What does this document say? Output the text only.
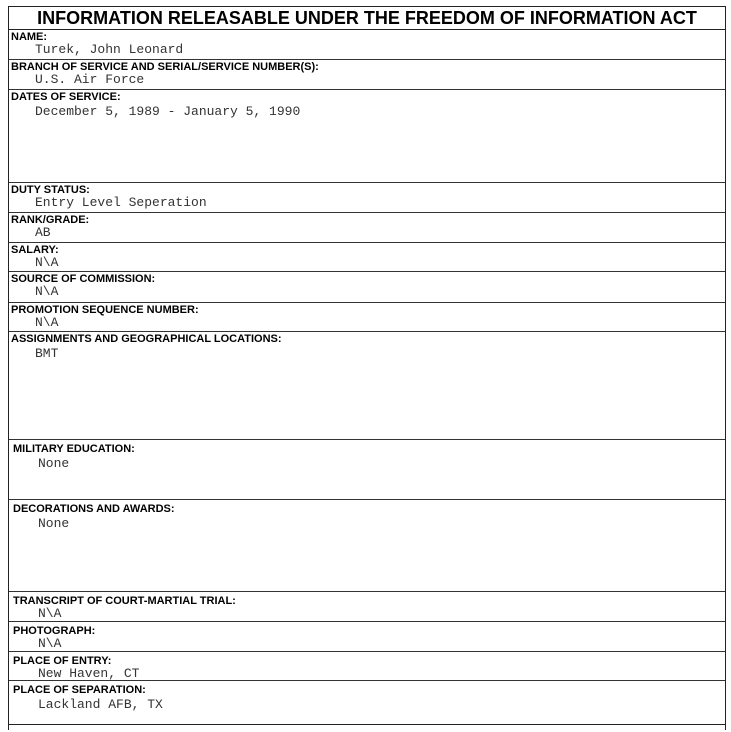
INFORMATION RELEASABLE UNDER THE FREEDOM OF INFORMATION ACT
NAME:
Turek, John Leonard
BRANCH OF SERVICE AND SERIAL/SERVICE NUMBER(S):
U.S. Air Force
DATES OF SERVICE:
December 5, 1989 - January 5, 1990
DUTY STATUS:
Entry Level Seperation
RANK/GRADE:
AB
SALARY:
N\A
SOURCE OF COMMISSION:
N\A
PROMOTION SEQUENCE NUMBER:
N\A
ASSIGNMENTS AND GEOGRAPHICAL LOCATIONS:
BMT
MILITARY EDUCATION:
None
DECORATIONS AND AWARDS:
None
TRANSCRIPT OF COURT-MARTIAL TRIAL:
N\A
PHOTOGRAPH:
N\A
PLACE OF ENTRY:
New Haven, CT
PLACE OF SEPARATION:
Lackland AFB, TX
